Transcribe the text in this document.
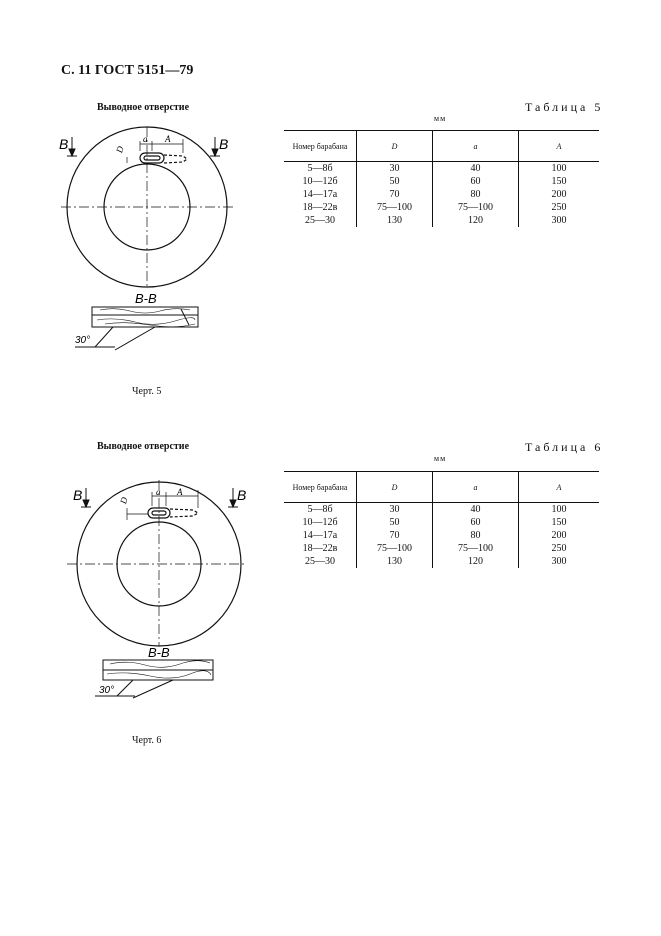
С. 11 ГОСТ 5151—79
Выводное отверстие	Таблица 5
мм
В	В
а А
D
В-В
30°
Номер барабана	D	а	А
5—8б	30	40	100
10—12б	50	60	150
14—17а	70	80	200
18—22в	75—100	75—100	250
25—30	130	120	300
Черт. 5
Выводное отверстие	Таблица 6
мм
В	В
а А
D
В-В
30°
Номер барабана	D	а	А
5—8б	30	40	100
10—12б	50	60	150
14—17а	70	80	200
18—22в	75—100	75—100	250
25—30	130	120	300
Черт. 6
